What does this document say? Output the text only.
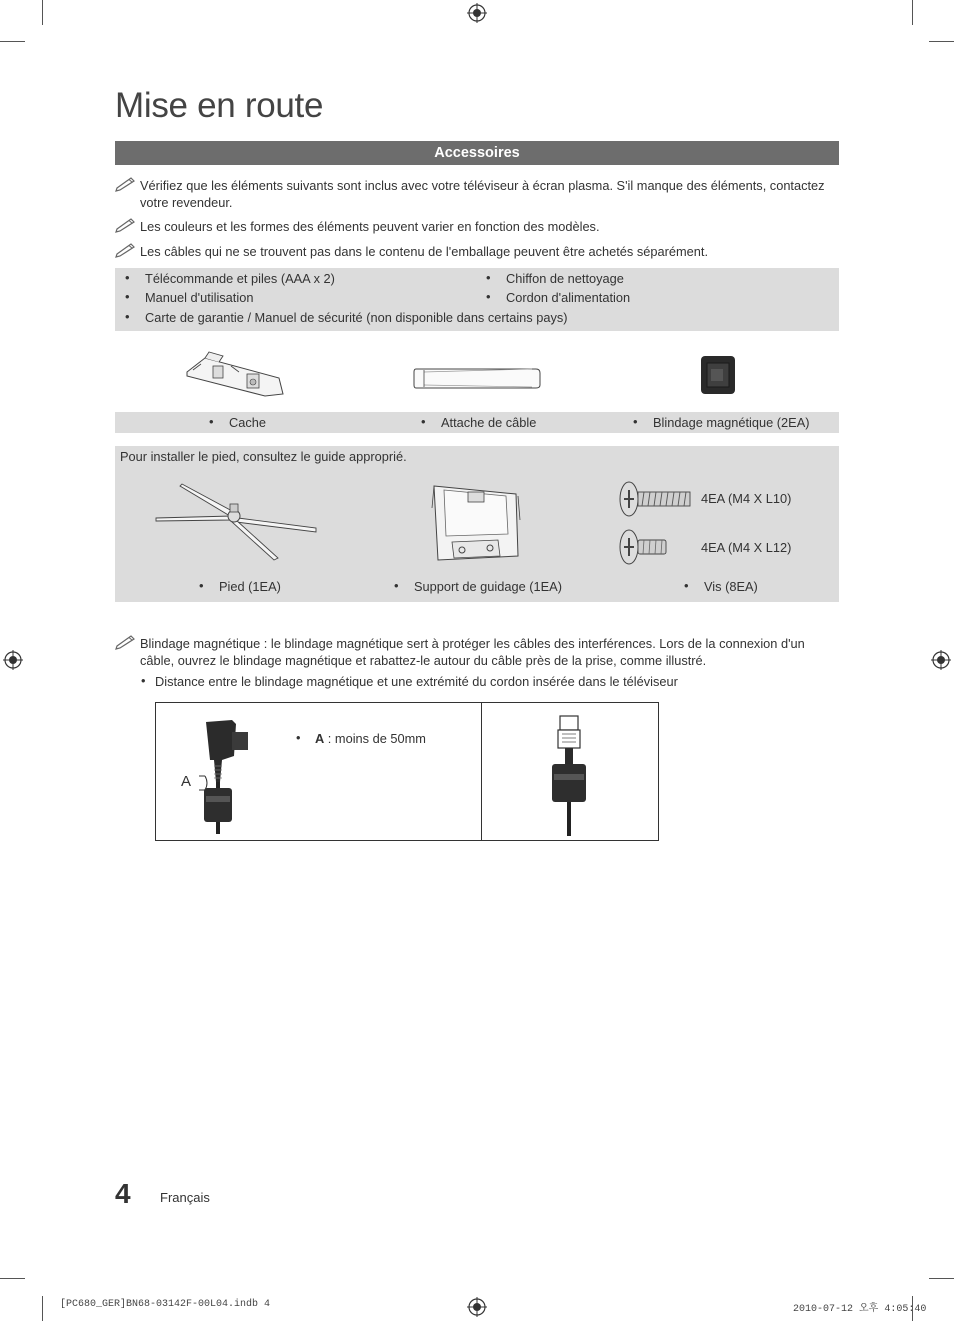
Mise en route
Accessoires
Vérifiez que les éléments suivants sont inclus avec votre téléviseur à écran plasma. S'il manque des éléments, contactez votre revendeur.
Les couleurs et les formes des éléments peuvent varier en fonction des modèles.
Les câbles qui ne se trouvent pas dans le contenu de l'emballage peuvent être achetés séparément.
• Télécommande et piles (AAA x 2)
• Manuel d'utilisation
• Chiffon de nettoyage
• Cordon d'alimentation
• Carte de garantie / Manuel de sécurité (non disponible dans certains pays)
• Cache	• Attache de câble	• Blindage magnétique (2EA)
Pour installer le pied, consultez le guide approprié.
4EA (M4 X L10)
4EA (M4 X L12)
• Pied (1EA)	• Support de guidage (1EA)	• Vis (8EA)
Blindage magnétique : le blindage magnétique sert à protéger les câbles des interférences. Lors de la connexion d'un câble, ouvrez le blindage magnétique et rabattez-le autour du câble près de la prise, comme illustré.
• Distance entre le blindage magnétique et une extrémité du cordon insérée dans le téléviseur
A
• A : moins de 50mm
4 Français
[PC680_GER]BN68-03142F-00L04.indb 4	2010-07-12 오후 4:05:40
